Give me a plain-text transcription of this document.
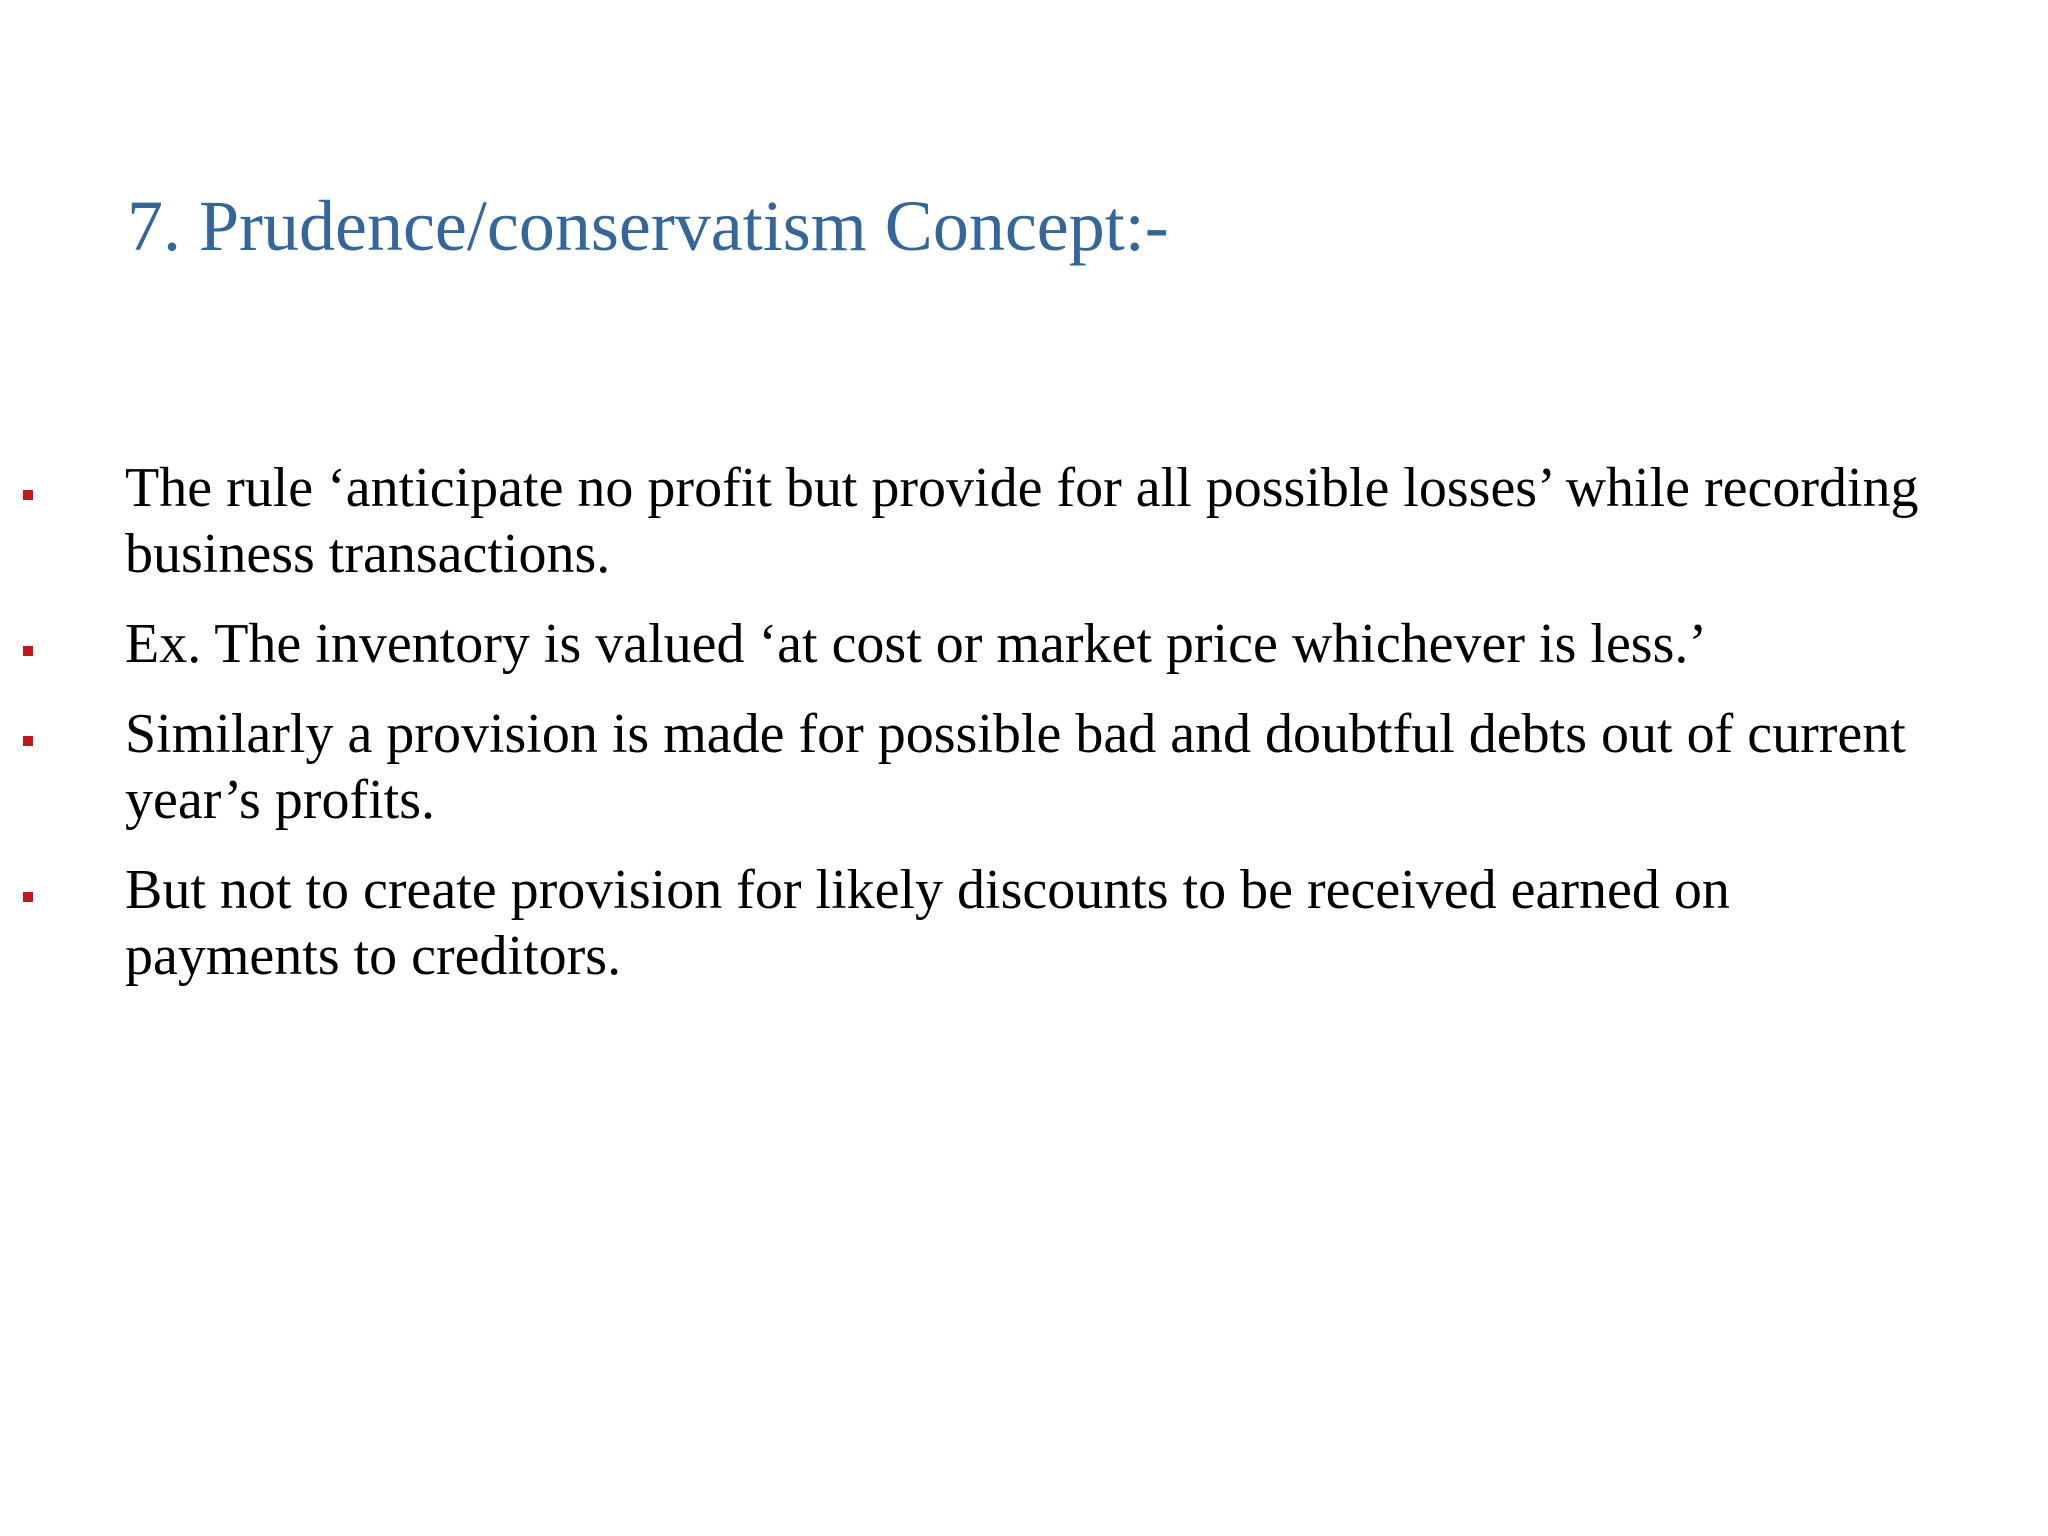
7. Prudence/conservatism Concept:-
The rule ‘anticipate no profit but provide for all possible losses’ while recording business transactions.
Ex. The inventory is valued ‘at cost or market price whichever is less.’
Similarly a provision is made for possible bad and doubtful debts out of current year’s profits.
But not to create provision for likely discounts to be received earned on payments to creditors.
